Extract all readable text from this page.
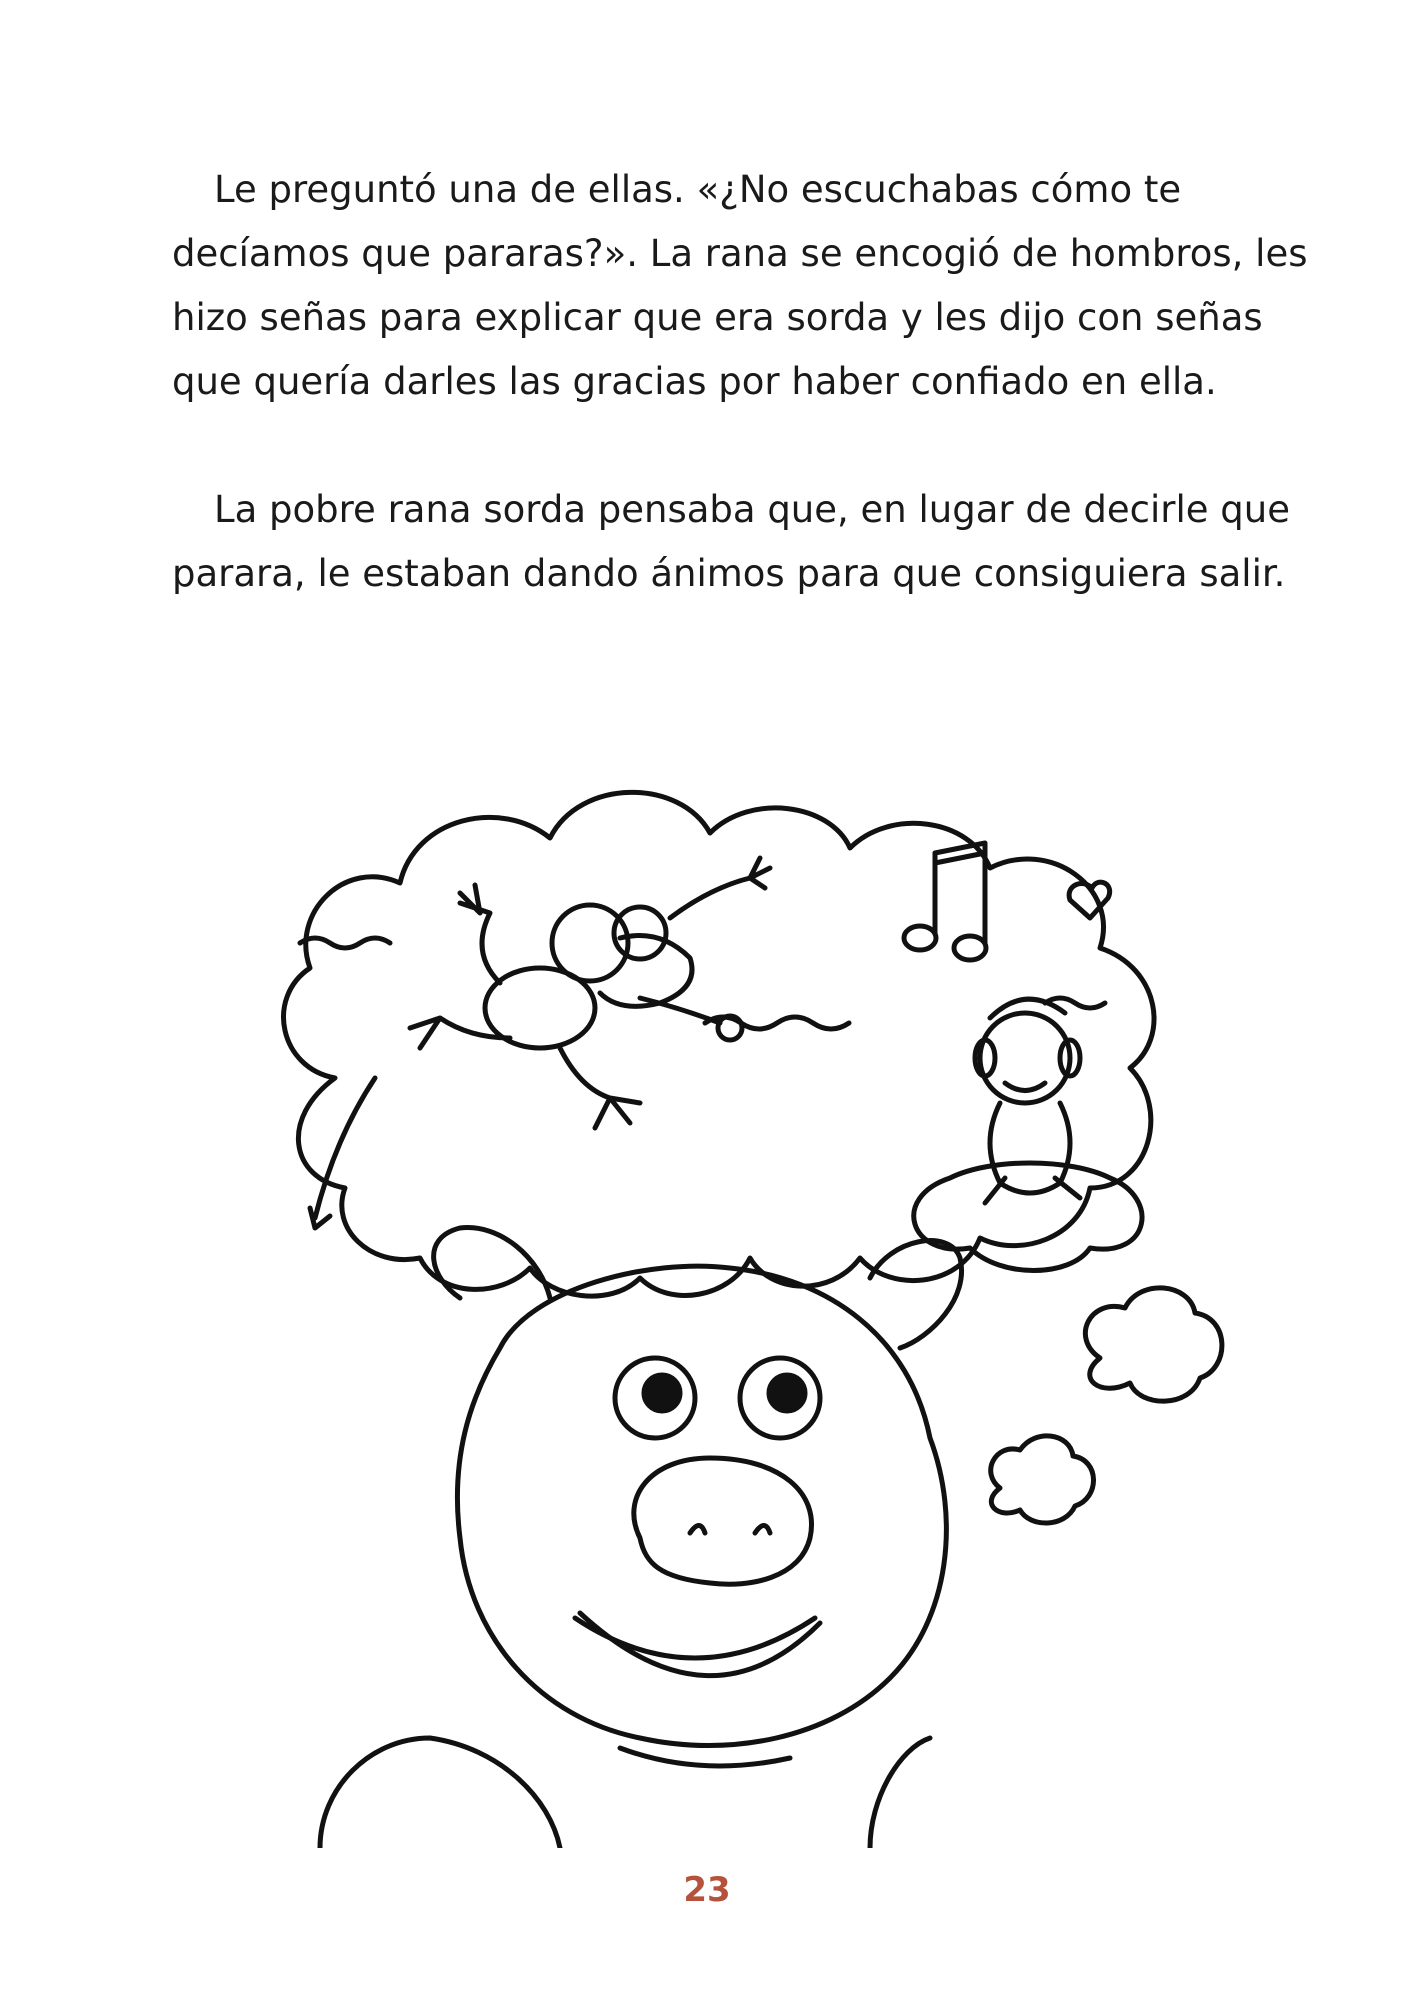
Le preguntó una de ellas. «¿No escuchabas cómo te
decíamos que pararas?». La rana se encogió de hombros, les
hizo señas para explicar que era sorda y les dijo con señas
que quería darles las gracias por haber confiado en ella.

La pobre rana sorda pensaba que, en lugar de decirle que
parara, le estaban dando ánimos para que consiguiera salir.

23
